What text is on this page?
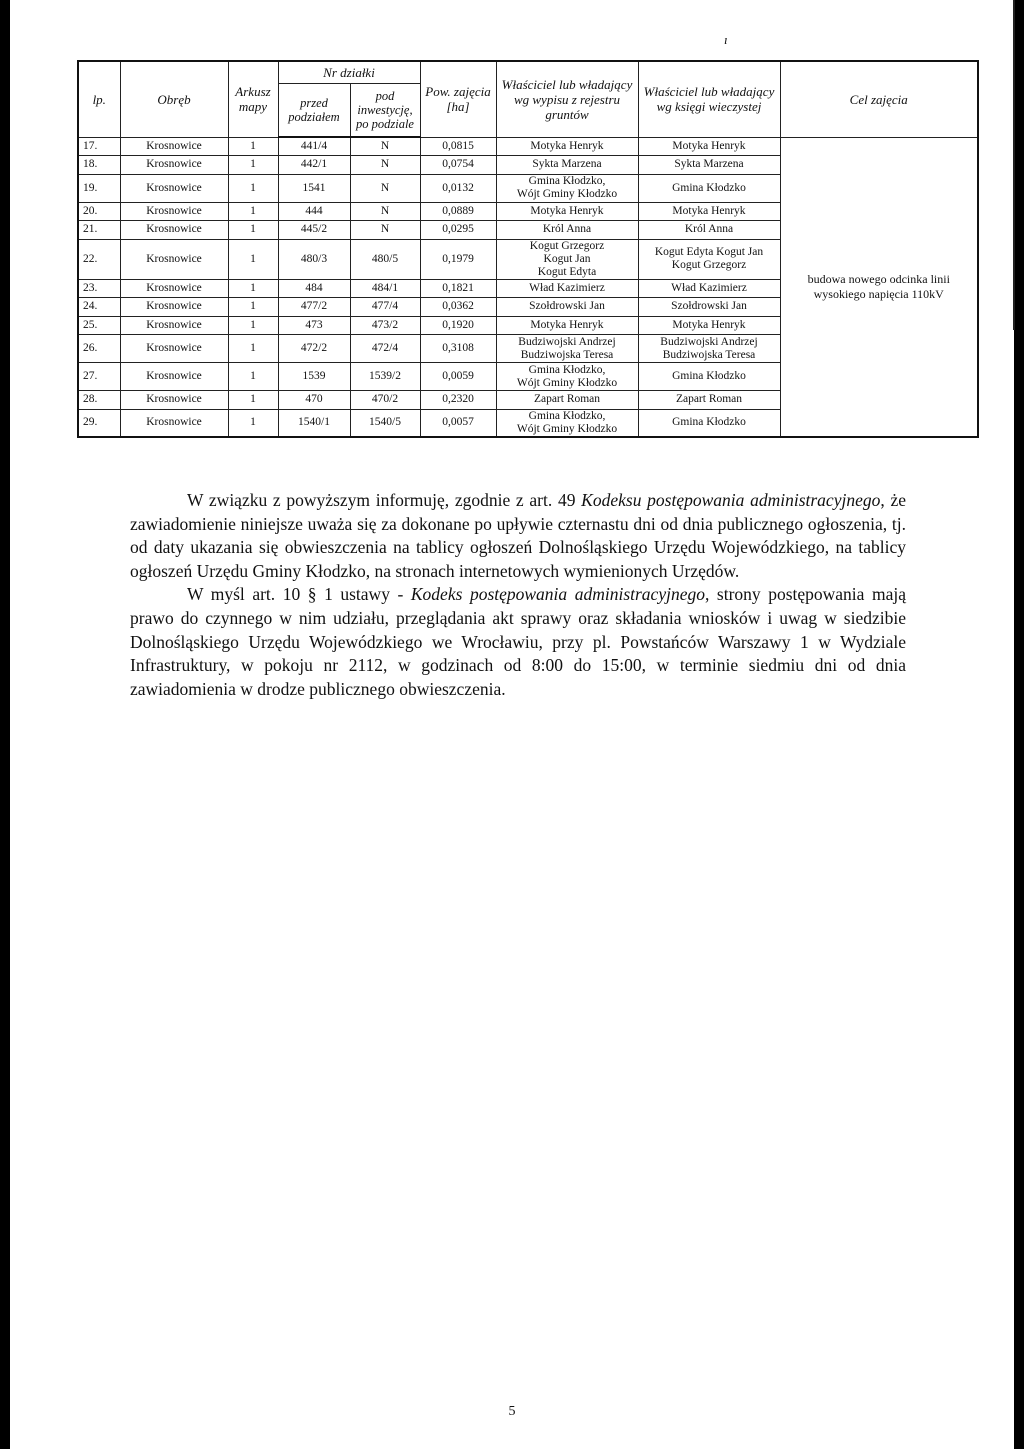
ı
lp.	Obręb	Arkusz mapy	Nr działki		Pow. zajęcia [ha]	Właściciel lub władający wg wypisu z rejestru gruntów	Właściciel lub władający wg księgi wieczystej	Cel zajęcia
			przed podziałem	pod inwestycję, po podziale				
17.	Krosnowice	1	441/4	N	0,0815	Motyka Henryk	Motyka Henryk	budowa nowego odcinka linii wysokiego napięcia 110kV
18.	Krosnowice	1	442/1	N	0,0754	Sykta Marzena	Sykta Marzena	
19.	Krosnowice	1	1541	N	0,0132	Gmina Kłodzko,
Wójt Gminy Kłodzko	Gmina Kłodzko	
20.	Krosnowice	1	444	N	0,0889	Motyka Henryk	Motyka Henryk	
21.	Krosnowice	1	445/2	N	0,0295	Król Anna	Król Anna	
22.	Krosnowice	1	480/3	480/5	0,1979	Kogut Grzegorz
Kogut Jan
Kogut Edyta	Kogut Edyta Kogut Jan
Kogut Grzegorz	
23.	Krosnowice	1	484	484/1	0,1821	Wład Kazimierz	Wład Kazimierz	
24.	Krosnowice	1	477/2	477/4	0,0362	Szołdrowski Jan	Szołdrowski Jan	
25.	Krosnowice	1	473	473/2	0,1920	Motyka Henryk	Motyka Henryk	
26.	Krosnowice	1	472/2	472/4	0,3108	Budziwojski Andrzej
Budziwojska Teresa	Budziwojski Andrzej
Budziwojska Teresa	
27.	Krosnowice	1	1539	1539/2	0,0059	Gmina Kłodzko,
Wójt Gminy Kłodzko	Gmina Kłodzko	
28.	Krosnowice	1	470	470/2	0,2320	Zapart Roman	Zapart Roman	
29.	Krosnowice	1	1540/1	1540/5	0,0057	Gmina Kłodzko,
Wójt Gminy Kłodzko	Gmina Kłodzko	

W związku z powyższym informuję, zgodnie z art. 49 Kodeksu postępowania administracyjnego, że zawiadomienie niniejsze uważa się za dokonane po upływie czternastu dni od dnia publicznego ogłoszenia, tj. od daty ukazania się obwieszczenia na tablicy ogłoszeń Dolnośląskiego Urzędu Wojewódzkiego, na tablicy ogłoszeń Urzędu Gminy Kłodzko, na stronach internetowych wymienionych Urzędów.

W myśl art. 10 § 1 ustawy - Kodeks postępowania administracyjnego, strony postępowania mają prawo do czynnego w nim udziału, przeglądania akt sprawy oraz składania wniosków i uwag w siedzibie Dolnośląskiego Urzędu Wojewódzkiego we Wrocławiu, przy pl. Powstańców Warszawy 1 w Wydziale Infrastruktury, w pokoju nr 2112, w godzinach od 8:00 do 15:00, w terminie siedmiu dni od dnia zawiadomienia w drodze publicznego obwieszczenia.

5
